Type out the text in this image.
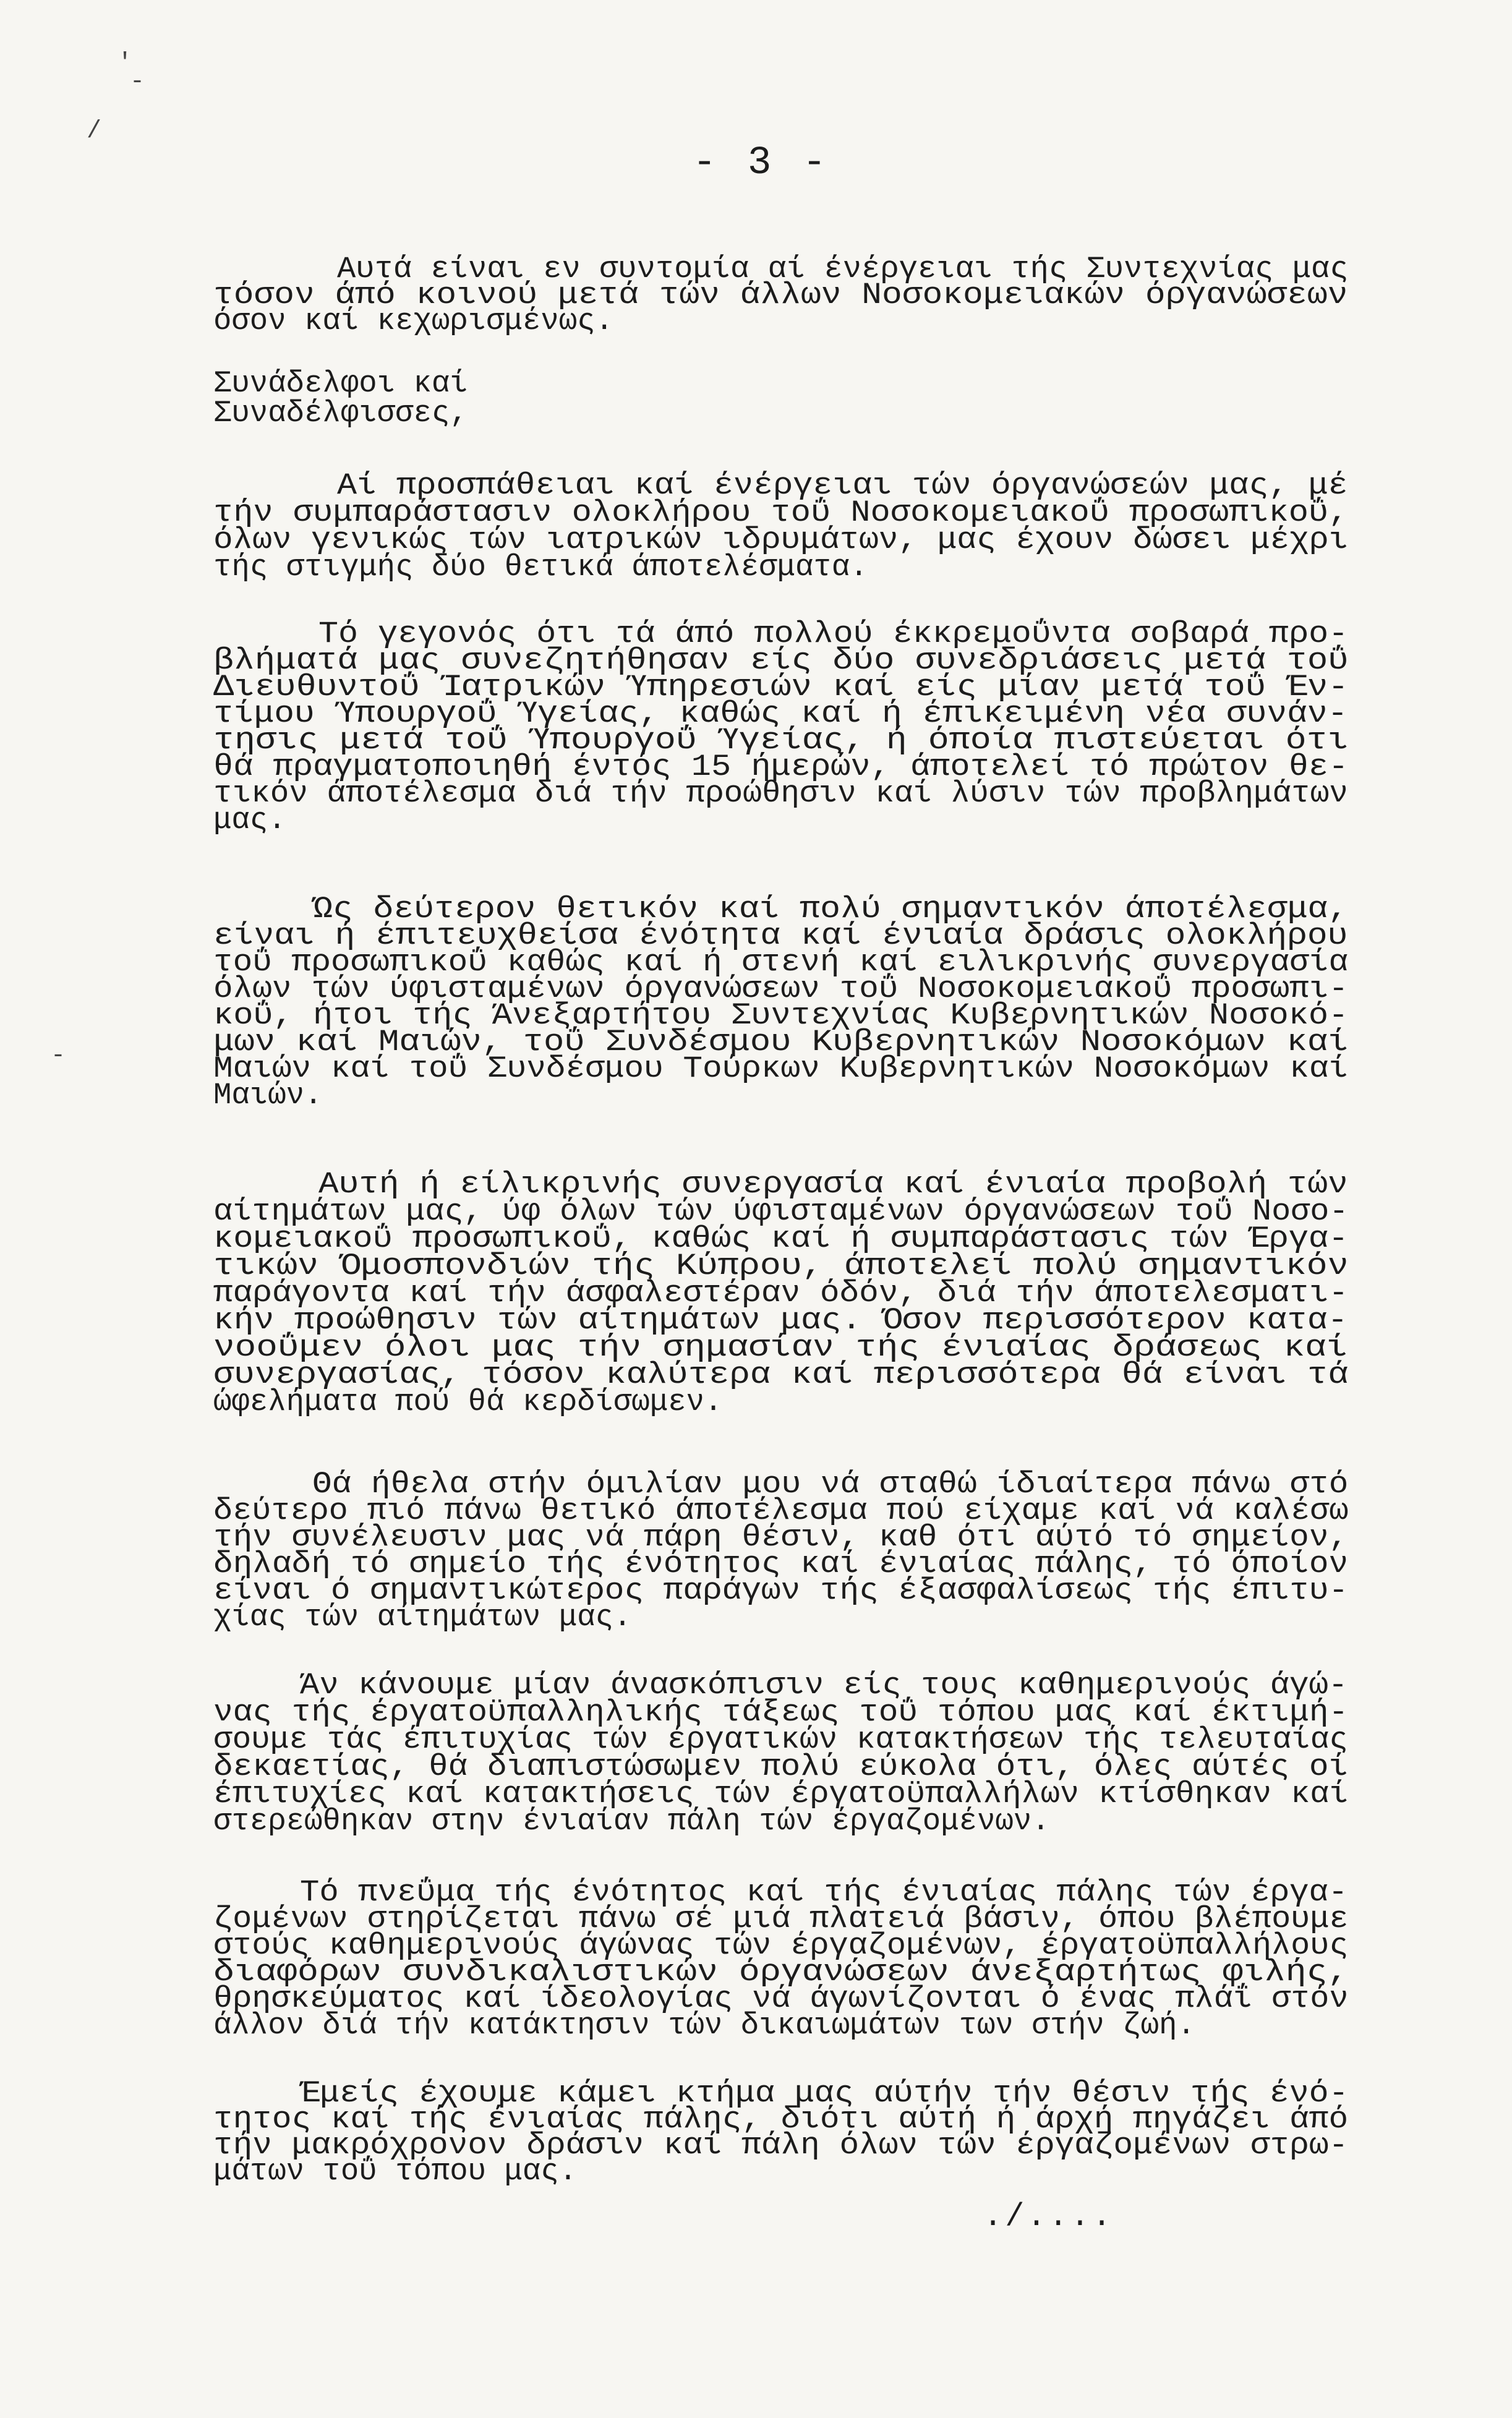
'
-
/
-
- 3 -
Αυτά είναι εν συντομία αί ένέργειαι τής Συντεχνίας μας
τόσον άπό κοινού μετά τών άλλων Νοσοκομειακών όργανώσεων
όσον καί κεχωρισμένως.
Συνάδελφοι καί
Συναδέλφισσες,
Αί προσπάθειαι καί ένέργειαι τών όργανώσεών μας, μέ
τήν συμπαράστασιν ολοκλήρου τοΰ Νοσοκομειακοΰ προσωπικοΰ,
όλων γενικώς τών ιατρικών ιδρυμάτων, μας έχουν δώσει μέχρι
τής στιγμής δύο θετικά άποτελέσματα.
Τό γεγονός ότι τά άπό πολλού έκκρεμοΰντα σοβαρά προ-
βλήματά μας συνεζητήθησαν είς δύο συνεδριάσεις μετά τοΰ
Διευθυντοΰ Ίατρικών Ύπηρεσιών καί είς μίαν μετά τοΰ Έν-
τίμου Ύπουργοΰ Ύγείας, καθώς καί ή έπικειμένη νέα συνάν-
τησις μετά τοΰ Ύπουργοΰ Ύγείας, ή όποία πιστεύεται ότι
θά πραγματοποιηθή έντός 15 ήμερών, άποτελεί τό πρώτον θε-
τικόν άποτέλεσμα διά τήν προώθησιν καί λύσιν τών προβλημάτων
μας.
Ώς δεύτερον θετικόν καί πολύ σημαντικόν άποτέλεσμα,
είναι ή έπιτευχθείσα ένότητα καί ένιαία δράσις ολοκλήρου
τοΰ προσωπικοΰ καθώς καί ή στενή καί ειλικρινής συνεργασία
όλων τών ύφισταμένων όργανώσεων τοΰ Νοσοκομειακοΰ προσωπι-
κοΰ, ήτοι τής Άνεξαρτήτου Συντεχνίας Κυβερνητικών Νοσοκό-
μων καί Μαιών, τοΰ Συνδέσμου Κυβερνητικών Νοσοκόμων καί
Μαιών καί τοΰ Συνδέσμου Τούρκων Κυβερνητικών Νοσοκόμων καί
Μαιών.
Αυτή ή είλικρινής συνεργασία καί ένιαία προβολή τών
αίτημάτων μας, ύφ όλων τών ύφισταμένων όργανώσεων τοΰ Νοσο-
κομειακοΰ προσωπικοΰ, καθώς καί ή συμπαράστασις τών Έργα-
τικών Όμοσπονδιών τής Κύπρου, άποτελεί πολύ σημαντικόν
παράγοντα καί τήν άσφαλεστέραν όδόν, διά τήν άποτελεσματι-
κήν προώθησιν τών αίτημάτων μας. Όσον περισσότερον κατα-
νοοΰμεν όλοι μας τήν σημασίαν τής ένιαίας δράσεως καί
συνεργασίας, τόσον καλύτερα καί περισσότερα θά είναι τά
ώφελήματα πού θά κερδίσωμεν.
Θά ήθελα στήν όμιλίαν μου νά σταθώ ίδιαίτερα πάνω στό
δεύτερο πιό πάνω θετικό άποτέλεσμα πού είχαμε καί νά καλέσω
τήν συνέλευσιν μας νά πάρη θέσιν, καθ ότι αύτό τό σημείον,
δηλαδή τό σημείο τής ένότητος καί ένιαίας πάλης, τό όποίον
είναι ό σημαντικώτερος παράγων τής έξασφαλίσεως τής έπιτυ-
χίας τών αίτημάτων μας.
Άν κάνουμε μίαν άνασκόπισιν είς τους καθημερινούς άγώ-
νας τής έργατοϋπαλληλικής τάξεως τοΰ τόπου μας καί έκτιμή-
σουμε τάς έπιτυχίας τών έργατικών κατακτήσεων τής τελευταίας
δεκαετίας, θά διαπιστώσωμεν πολύ εύκολα ότι, όλες αύτές οί
έπιτυχίες καί κατακτήσεις τών έργατοϋπαλλήλων κτίσθηκαν καί
στερεώθηκαν στην ένιαίαν πάλη τών έργαζομένων.
Τό πνεΰμα τής ένότητος καί τής ένιαίας πάλης τών έργα-
ζομένων στηρίζεται πάνω σέ μιά πλατειά βάσιν, όπου βλέπουμε
στούς καθημερινούς άγώνας τών έργαζομένων, έργατοϋπαλλήλους
διαφόρων συνδικαλιστικών όργανώσεων άνεξαρτήτως φιλής,
θρησκεύματος καί ίδεολογίας νά άγωνίζονται ό ένας πλάΐ στόν
άλλον διά τήν κατάκτησιν τών δικαιωμάτων των στήν ζωή.
Έμείς έχουμε κάμει κτήμα μας αύτήν τήν θέσιν τής ένό-
τητος καί τής ένιαίας πάλης, διότι αύτή ή άρχή πηγάζει άπό
τήν μακρόχρονον δράσιν καί πάλη όλων τών έργαζομένων στρω-
μάτων τοΰ τόπου μας.
./....
